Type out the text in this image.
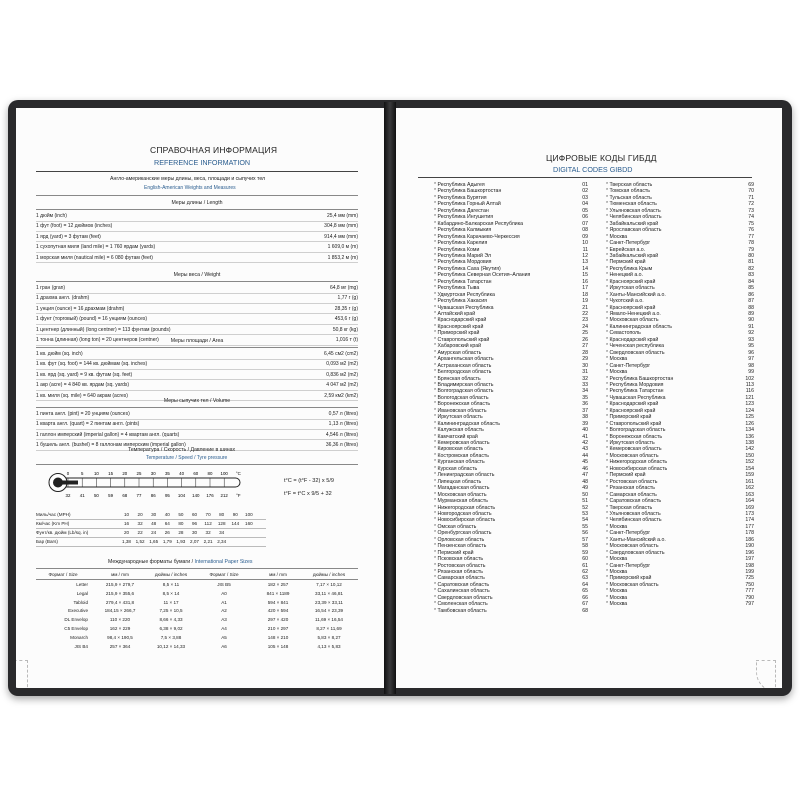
СПРАВОЧНАЯ ИНФОРМАЦИЯ
REFERENCE INFORMATION
Англо-американские меры длины, веса, площади и сыпучих тел
English-American Weights and Measures
Меры длины / Length
1 дюйм (inch)	25,4 мм (mm)
1 фут (foot) = 12 дюймов (inches)	304,8 мм (mm)
1 ярд (yard) = 3 футам (feet)	914,4 мм (mm)
1 сухопутная миля (land mile) = 1 760 ярдам (yards)	1 609,0 м (m)
1 морская миля (nautical mile) = 6 080 футам (feet)	1 853,2 м (m)
Меры веса / Weight
1 гран (gran)	64,8 мг (mg)
1 драхма англ. (drahm)	1,77 г (g)
1 унция (ounce) = 16 драхмам (drahm)	28,35 г (g)
1 фунт (торговый) (pound) = 16 унциям (ounces)	453,6 г (g)
1 центнер (длинный) (long centner) = 113 фунтам (pounds)	50,8 кг (kg)
1 тонна (длинная) (long ton) = 20 центнеров (centner)	1,016 т (t)
Меры площади / Area
1 кв. дюйм (sq. inch)	6,45 см2 (cm2)
1 кв. фут (sq. foot) = 144 кв. дюймам (sq. inches)	0,093 м2 (m2)
1 кв. ярд (sq. yard) = 9 кв. футам (sq. feet)	0,836 м2 (m2)
1 акр (acre) = 4 840 кв. ярдам (sq. yards)	4 047 м2 (m2)
1 кв. миля (sq. mile) = 640 акрам (acres)	2,59 км2 (km2)
Меры сыпучих тел / Volume
1 пинта англ. (pint) = 20 унциям (ounces)	0,57 л (litres)
1 кварта англ. (quart) = 2 пинтам англ. (pints)	1,13 л (litres)
1 галлон имперский (imperial gallon) = 4 квартам англ. (quarts)	4,546 л (litres)
1 бушель англ. (bushel) = 8 галлонам имперским (imperial gallon)	36,36 л (litres)
Температура / Скорость / Давление в шинах
Temperature / Speed / Tyre pressure
0	5 10 15 20 25 30 35 40 60 80 100 °C
32 41 50 59 68 77 86 95 104 140 176 212 °F
t°C = (t°F - 32) x 5/9
t°F = t°C x 9/5 + 32
Миль/час (MPH)	10	20	30	40	50	60	70	80	90	100
Км/час (Km PH)	16	32	48	64	80	96	112	128	144	160
Фунт/кв. дюйм (Lb/sq. in)	20	22	24	26	28	30	32	34
Бар (Bars)	1,38	1,52	1,65	1,79	1,93	2,07	2,21	2,34
Международные форматы бумаги / International Paper Sizes
Формат / Size	мм / mm	дюймы / inches	Формат / Size	мм / mm	дюймы / inches
Letter	215,9 × 279,7	8,5 × 11	JIS B5	182 × 257	7,17 × 10,12
Legal	215,9 × 355,6	8,5 × 14	A0	841 × 1189	33,11 × 46,81
Tabloid	279,4 × 431,8	11 × 17	A1	594 × 841	23,39 × 33,11
Executive	184,15 × 266,7	7,25 × 10,5	A2	420 × 594	16,54 × 23,39
DL Envelop	110 × 220	8,66 × 4,33	A3	297 × 420	11,69 × 16,54
C5 Envelop	162 × 229	6,38 × 9,02	A4	210 × 297	8,27 × 11,69
Monarch	98,4 × 190,5	7,5 × 3,88	A5	148 × 210	5,83 × 8,27
JIS B4	257 × 364	10,12 × 14,33	A6	105 × 148	4,13 × 5,83
ЦИФРОВЫЕ КОДЫ ГИБДД
DIGITAL CODES GIBDD
* Республика Адыгея	01
* Республика Башкортостан	02
* Республика Бурятия	03
* Республика Горный Алтай	04
* Республика Дагестан	05
* Республика Ингушетия	06
* Кабардино-Балкарская Республика	07
* Республика Калмыкия	08
* Республика Карачаево-Черкессия	09
* Республика Карелия	10
* Республика Коми	11
* Республика Марий Эл	12
* Республика Мордовия	13
* Республика Саха (Якутия)	14
* Республика Северная Осетия–Алания	15
* Республика Татарстан	16
* Республика Тыва	17
* Удмуртская Республика	18
* Республика Хакасия	19
* Чувашская Республика	21
* Алтайский край	22
* Краснодарский край	23
* Красноярский край	24
* Приморский край	25
* Ставропольский край	26
* Хабаровский край	27
* Амурская область	28
* Архангельская область	29
* Астраханская область	30
* Белгородская область	31
* Брянская область	32
* Владимирская область	33
* Волгоградская область	34
* Вологодская область	35
* Воронежская область	36
* Ивановская область	37
* Иркутская область	38
* Калининградская область	39
* Калужская область	40
* Камчатский край	41
* Кемеровская область	42
* Кировская область	43
* Костромская область	44
* Курганская область	45
* Курская область	46
* Ленинградская область	47
* Липецкая область	48
* Магаданская область	49
* Московская область	50
* Мурманская область	51
* Нижегородская область	52
* Новгородская область	53
* Новосибирская область	54
* Омская область	55
* Оренбургская область	56
* Орловская область	57
* Пензенская область	58
* Пермский край	59
* Псковская область	60
* Ростовская область	61
* Рязанская область	62
* Самарская область	63
* Саратовская область	64
* Сахалинская область	65
* Свердловская область	66
* Смоленская область	67
* Тамбовская область	68
* Тверская область	69
* Томская область	70
* Тульская область	71
* Тюменская область	72
* Ульяновская область	73
* Челябинская область	74
* Забайкальский край	75
* Ярославская область	76
* Москва	77
* Санкт-Петербург	78
* Еврейская а.о.	79
* Забайкальский край	80
* Пермский край	81
* Республика Крым	82
* Ненецкий а.о.	83
* Красноярский край	84
* Иркутская область	85
* Ханты-Мансийский а.о.	86
* Чукотский а.о.	87
* Красноярский край	88
* Ямало-Ненецкий а.о.	89
* Московская область	90
* Калининградская область	91
* Севастополь	92
* Краснодарский край	93
* Чеченская республика	95
* Свердловская область	96
* Москва	97
* Санкт-Петербург	98
* Москва	99
* Республика Башкортостан	102
* Республика Мордовия	113
* Республика Татарстан	116
* Чувашская Республика	121
* Краснодарский край	123
* Красноярский край	124
* Приморский край	125
* Ставропольский край	126
* Волгоградская область	134
* Воронежская область	136
* Иркутская область	138
* Кемеровская область	142
* Московская область	150
* Нижегородская область	152
* Новосибирская область	154
* Пермский край	159
* Ростовская область	161
* Рязанская область	162
* Самарская область	163
* Саратовская область	164
* Тверская область	169
* Ульяновская область	173
* Челябинская область	174
* Москва	177
* Санкт-Петербург	178
* Ханты-Мансийский а.о.	186
* Московская область	190
* Свердловская область	196
* Москва	197
* Санкт-Петербург	198
* Москва	199
* Приморский край	725
* Московская область	750
* Москва	777
* Москва	790
* Москва	797
